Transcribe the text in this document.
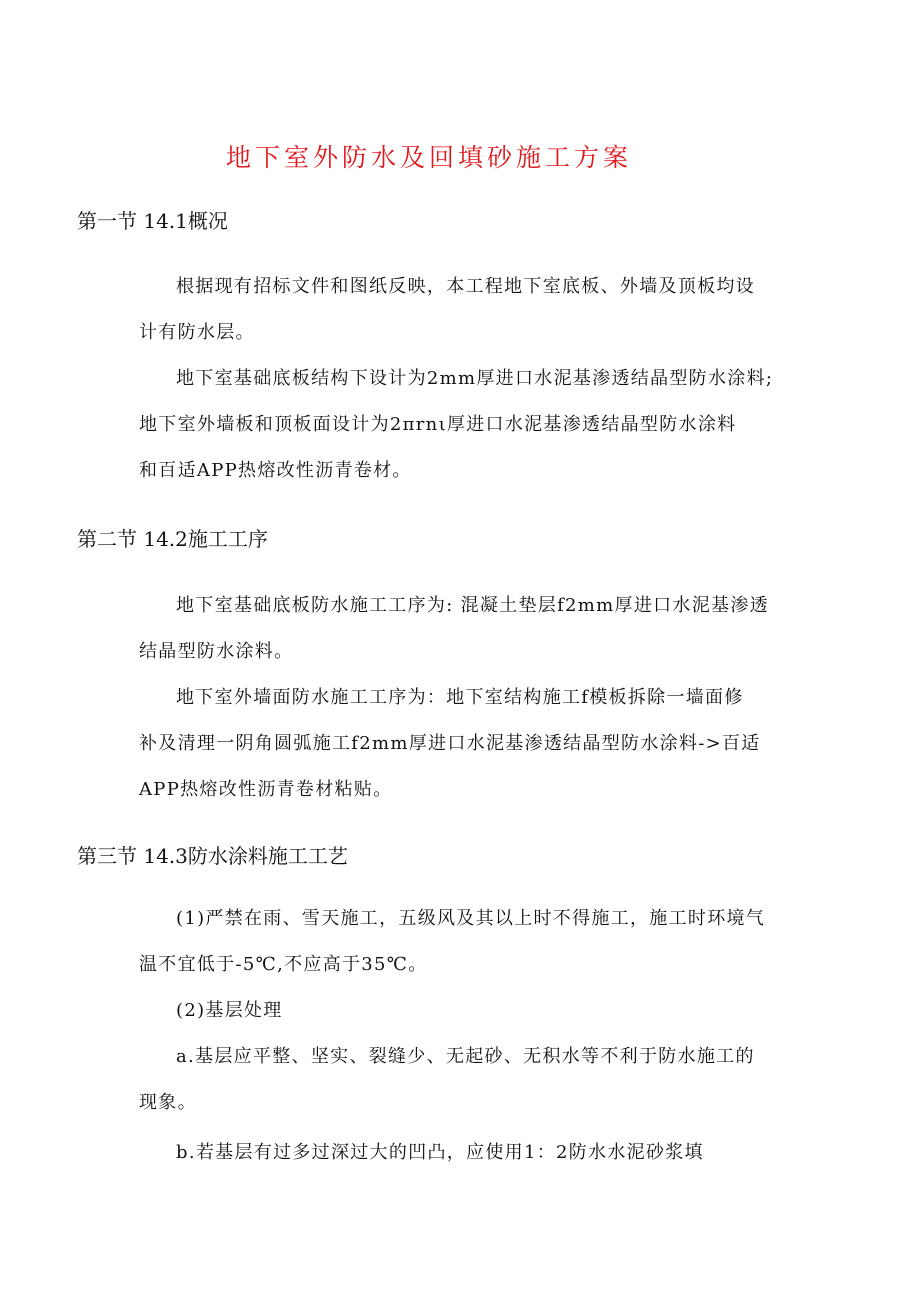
地下室外防水及回填砂施工方案
第一节 14.1概况
根据现有招标文件和图纸反映，本工程地下室底板、外墙及顶板均设
计有防水层。
地下室基础底板结构下设计为2mm厚进口水泥基渗透结晶型防水涂料;
地下室外墙板和顶板面设计为2πrnι厚进口水泥基渗透结晶型防水涂料
和百适APP热熔改性沥青卷材。
第二节 14.2施工工序
地下室基础底板防水施工工序为: 混凝土垫层f2mm厚进口水泥基渗透
结晶型防水涂料。
地下室外墙面防水施工工序为：地下室结构施工f模板拆除一墙面修
补及清理一阴角圆弧施工f2mm厚进口水泥基渗透结晶型防水涂料->百适
APP热熔改性沥青卷材粘贴。
第三节 14.3防水涂料施工工艺
(1)严禁在雨、雪天施工，五级风及其以上时不得施工，施工时环境气
温不宜低于-5℃,不应高于35℃。
(2)基层处理
a.基层应平整、坚实、裂缝少、无起砂、无积水等不利于防水施工的
现象。
b.若基层有过多过深过大的凹凸，应使用1：2防水水泥砂浆填
